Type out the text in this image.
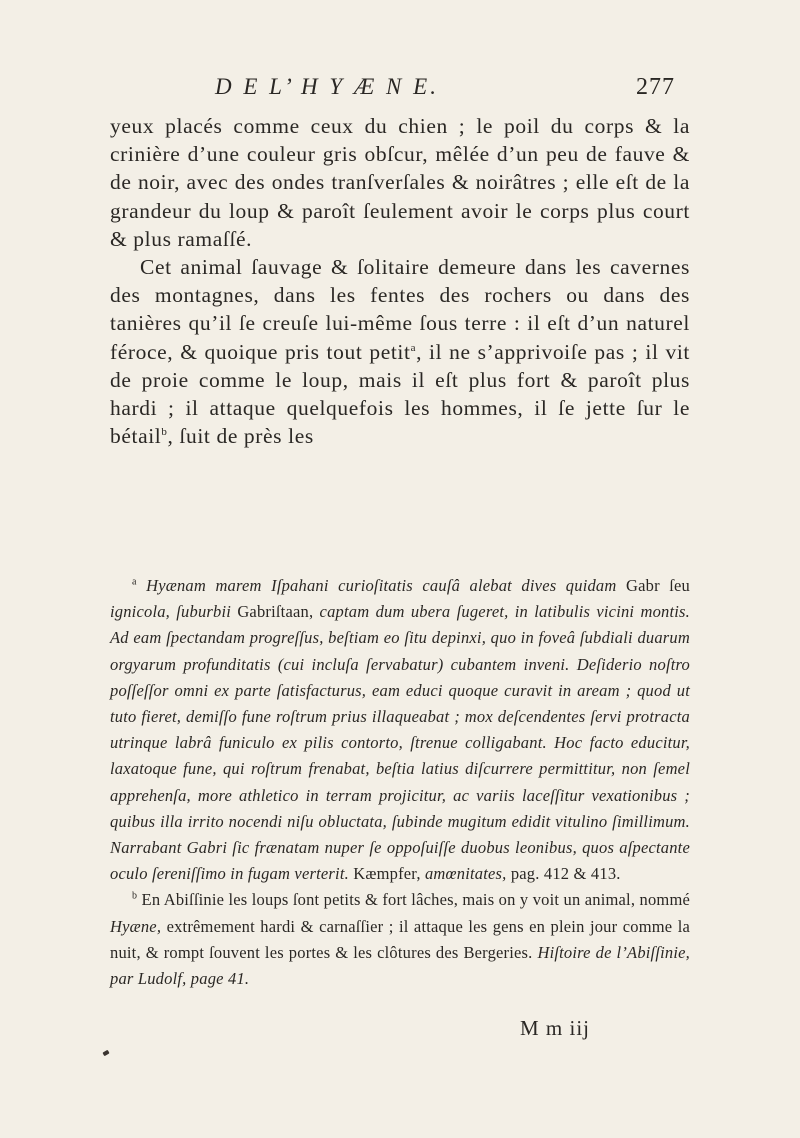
D E L’ H Y Æ N E.	277

yeux placés comme ceux du chien ; le poil du corps & la crinière d’une couleur gris obſcur, mêlée d’un peu de fauve & de noir, avec des ondes tranſverſales & noirâtres ; elle eſt de la grandeur du loup & paroît ſeulement avoir le corps plus court & plus ramaſſé.

Cet animal ſauvage & ſolitaire demeure dans les cavernes des montagnes, dans les fentes des rochers ou dans des tanières qu’il ſe creuſe lui-même ſous terre : il eſt d’un naturel féroce, & quoique pris tout petit$^a$, il ne s’apprivoiſe pas ; il vit de proie comme le loup, mais il eſt plus fort & paroît plus hardi ; il attaque quelquefois les hommes, il ſe jette ſur le bétail$^b$, ſuit de près les

$^a$ Hyænam marem Iſpahani curioſitatis cauſâ alebat dives quidam Gabr ſeu ignicola, ſuburbii Gabriſtaan, captam dum ubera ſugeret, in latibulis vicini montis. Ad eam ſpectandam progreſſus, beſtiam eo ſitu depinxi, quo in foveâ ſubdiali duarum orgyarum profunditatis (cui incluſa ſervabatur) cubantem inveni. Deſiderio noſtro poſſeſſor omni ex parte ſatisfacturus, eam educi quoque curavit in aream ; quod ut tuto fieret, demiſſo fune roſtrum prius illaqueabat ; mox deſcendentes ſervi protracta utrinque labrâ funiculo ex pilis contorto, ſtrenue colligabant. Hoc facto educitur, laxatoque fune, qui roſtrum frenabat, beſtia latius diſcurrere permittitur, non ſemel apprehenſa, more athletico in terram projicitur, ac variis laceſſitur vexationibus ; quibus illa irrito nocendi niſu obluctata, ſubinde mugitum edidit vitulino ſimillimum. Narrabant Gabri ſic frænatam nuper ſe oppoſuiſſe duobus leonibus, quos aſpectante oculo ſereniſſimo in fugam verterit. Kæmpfer, amœnitates, pag. 412 & 413.

$^b$ En Abiſſinie les loups ſont petits & fort lâches, mais on y voit un animal, nommé Hyæne, extrêmement hardi & carnaſſier ; il attaque les gens en plein jour comme la nuit, & rompt ſouvent les portes & les clôtures des Bergeries. Hiſtoire de l’Abiſſinie, par Ludolf, page 41.

M m iij
